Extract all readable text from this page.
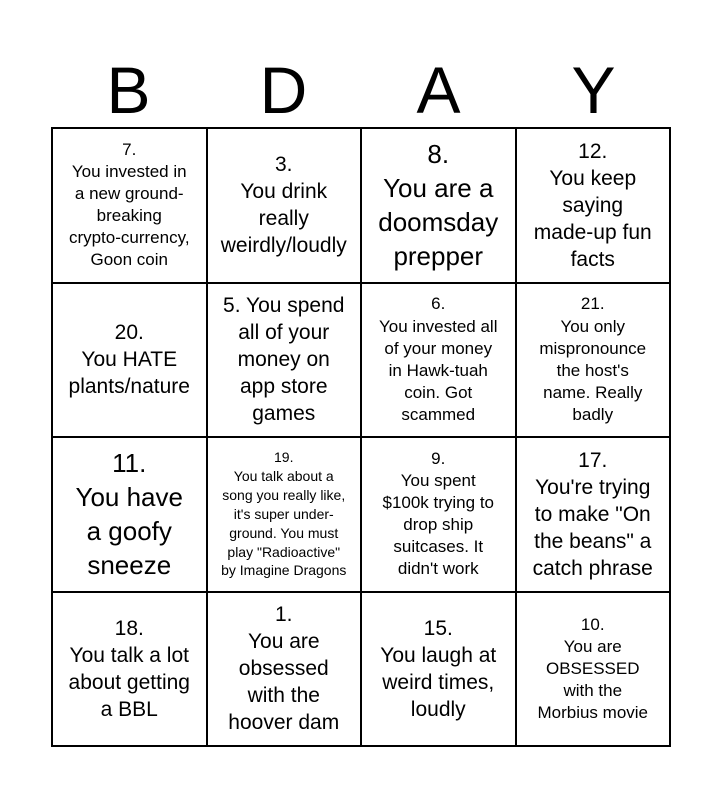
B	D	A	Y
7.
You invested in
a new ground-
breaking
crypto-currency,
Goon coin
3.
You drink
really
weirdly/loudly
8.
You are a
doomsday
prepper
12.
You keep
saying
made-up fun
facts
20.
You HATE
plants/nature
5. You spend
all of your
money on
app store
games
6.
You invested all
of your money
in Hawk-tuah
coin. Got
scammed
21.
You only
mispronounce
the host's
name. Really
badly
11.
You have
a goofy
sneeze
19.
You talk about a
song you really like,
it's super under-
ground. You must
play "Radioactive"
by Imagine Dragons
9.
You spent
$100k trying to
drop ship
suitcases. It
didn't work
17.
You're trying
to make "On
the beans" a
catch phrase
18.
You talk a lot
about getting
a BBL
1.
You are
obsessed
with the
hoover dam
15.
You laugh at
weird times,
loudly
10.
You are
OBSESSED
with the
Morbius movie
